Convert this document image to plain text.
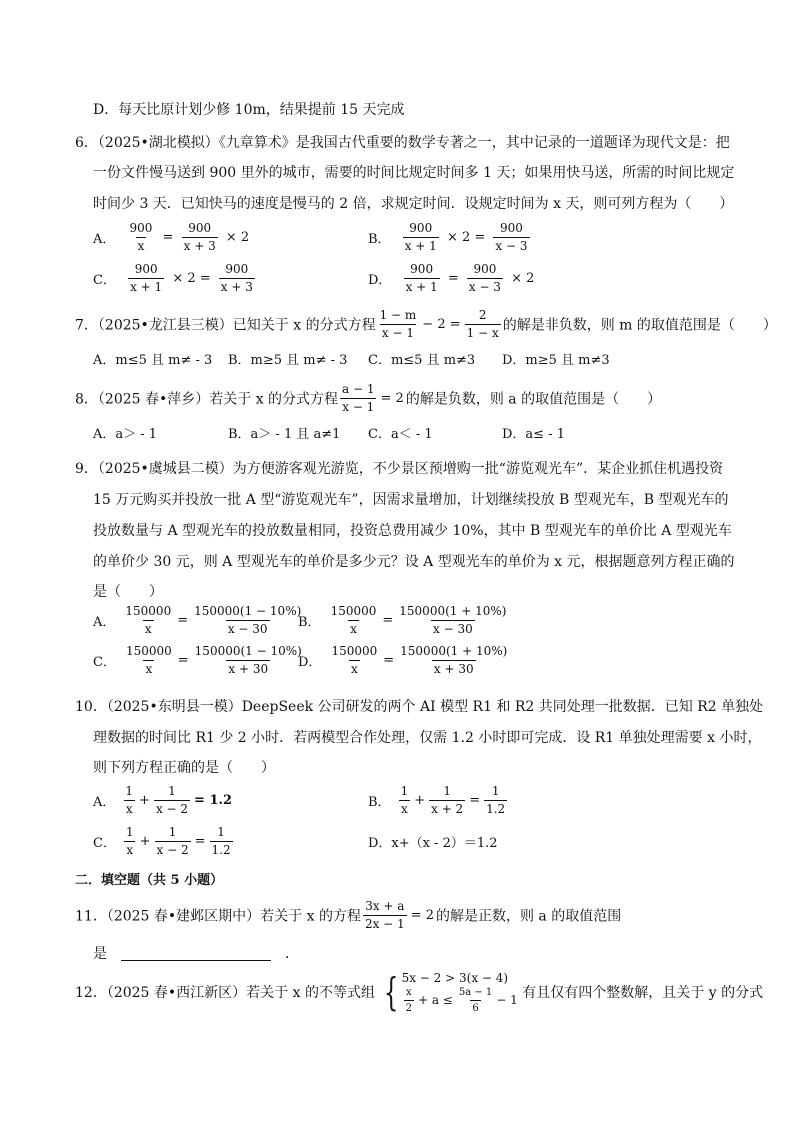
D．每天比原计划少修 10m，结果提前 15 天完成
6．（2025•湖北模拟）《九章算术》是我国古代重要的数学专著之一，其中记录的一道题译为现代文是：把
一份文件慢马送到 900 里外的城市，需要的时间比规定时间多 1 天；如果用快马送，所需的时间比规定
时间少 3 天．已知快马的速度是慢马的 2 倍，求规定时间．设规定时间为 x 天，则可列方程为（　　）
A． $\frac{900}{x} = \frac{900}{x + 3} \times 2$	B． $\frac{900}{x + 1} \times 2 = \frac{900}{x - 3}$
C． $\frac{900}{x + 1} \times 2 = \frac{900}{x + 3}$	D． $\frac{900}{x + 1} = \frac{900}{x - 3} \times 2$
7．（2025•龙江县三模）已知关于 x 的分式方程 $\frac{1 - m}{x - 1} - 2 = \frac{2}{1 - x}$ 的解是非负数，则 m 的取值范围是（　　）
A．m≤5 且 m≠ - 3 B．m≥5 且 m≠ - 3 C．m≤5 且 m≠3 D．m≥5 且 m≠3
8．（2025 春•萍乡）若关于 x 的分式方程 $\frac{a - 1}{x - 1} = 2$ 的解是负数，则 a 的取值范围是（　　）
A．a＞ - 1	B．a＞ - 1 且 a≠1 C．a＜ - 1	D．a≤ - 1
9．（2025•虞城县二模）为方便游客观光游览，不少景区预增购一批“游览观光车”．某企业抓住机遇投资
15 万元购买并投放一批 A 型“游览观光车”，因需求量增加，计划继续投放 B 型观光车，B 型观光车的
投放数量与 A 型观光车的投放数量相同，投资总费用减少 10%，其中 B 型观光车的单价比 A 型观光车
的单价少 30 元，则 A 型观光车的单价是多少元？设 A 型观光车的单价为 x 元，根据题意列方程正确的
是（　　）
A． $\frac{150000}{x} = \frac{150000(1 - 10\%)}{x - 30}$
B． $\frac{150000}{x} = \frac{150000(1 + 10\%)}{x - 30}$
C． $\frac{150000}{x} = \frac{150000(1 - 10\%)}{x + 30}$
D． $\frac{150000}{x} = \frac{150000(1 + 10\%)}{x + 30}$
10．（2025•东明县一模）DeepSeek 公司研发的两个 AI 模型 R1 和 R2 共同处理一批数据．已知 R2 单独处
理数据的时间比 R1 少 2 小时．若两模型合作处理，仅需 1.2 小时即可完成．设 R1 单独处理需要 x 小时，
则下列方程正确的是（　　）
A． $\frac{1}{x} + \frac{1}{x - 2} = 1.2$	B． $\frac{1}{x} + \frac{1}{x + 2} = \frac{1}{1.2}$
C． $\frac{1}{x} + \frac{1}{x - 2} = \frac{1}{1.2}$	D．x+（x - 2）＝1.2
二．填空题（共 5 小题）
11．（2025 春•建邺区期中）若关于 x 的方程 $\frac{3x + a}{2x - 1} = 2$ 的解是正数，则 a 的取值范围
是　　	．
12．（2025 春•西江新区）若关于 x 的不等式组 { 5x − 2 > 3(x − 4)
$\frac{x}{2} + a \le \frac{5a - 1}{6} - 1$ 有且仅有四个整数解，且关于 y 的分式
